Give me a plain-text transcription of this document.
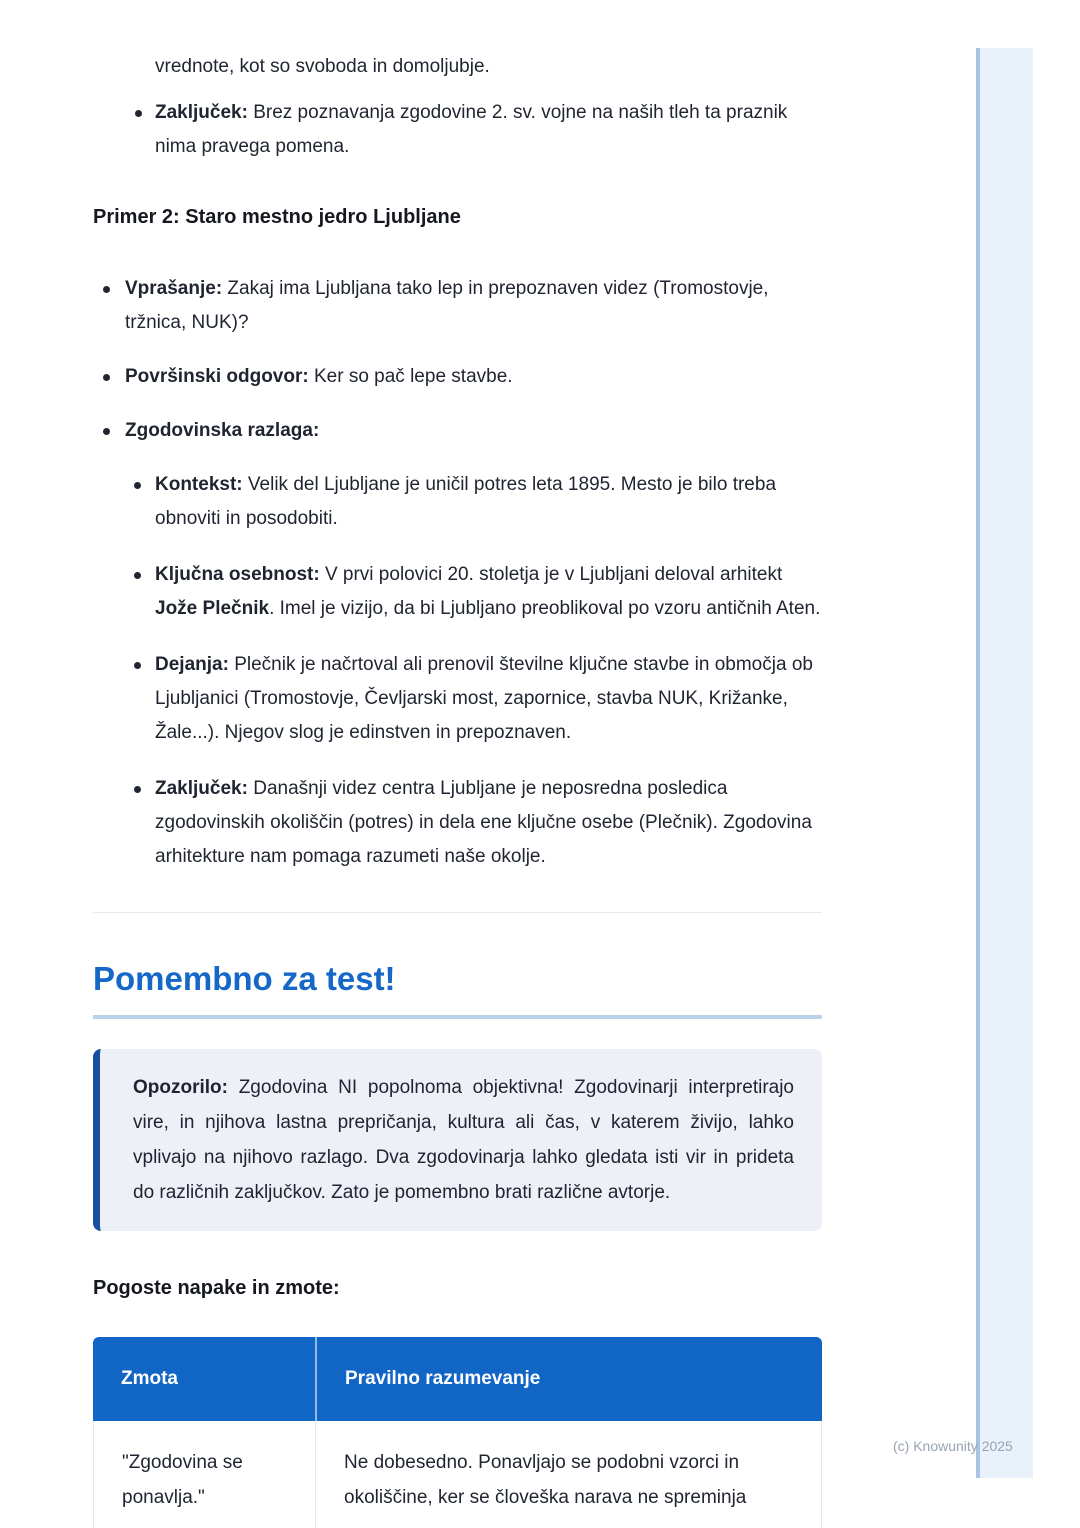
vrednote, kot so svoboda in domoljubje.

Zaključek: Brez poznavanja zgodovine 2. sv. vojne na naših tleh ta praznik nima pravega pomena.
Primer 2: Staro mestno jedro Ljubljane
Vprašanje: Zakaj ima Ljubljana tako lep in prepoznaven videz (Tromostovje, tržnica, NUK)?
Površinski odgovor: Ker so pač lepe stavbe.
Zgodovinska razlaga:
Kontekst: Velik del Ljubljane je uničil potres leta 1895. Mesto je bilo treba obnoviti in posodobiti.
Ključna osebnost: V prvi polovici 20. stoletja je v Ljubljani deloval arhitekt Jože Plečnik. Imel je vizijo, da bi Ljubljano preoblikoval po vzoru antičnih Aten.
Dejanja: Plečnik je načrtoval ali prenovil številne ključne stavbe in območja ob Ljubljanici (Tromostovje, Čevljarski most, zapornice, stavba NUK, Križanke, Žale...). Njegov slog je edinstven in prepoznaven.
Zaključek: Današnji videz centra Ljubljane je neposredna posledica zgodovinskih okoliščin (potres) in dela ene ključne osebe (Plečnik). Zgodovina arhitekture nam pomaga razumeti naše okolje.
Pomembno za test!

Opozorilo: Zgodovina NI popolnoma objektivna! Zgodovinarji interpretirajo vire, in njihova lastna prepričanja, kultura ali čas, v katerem živijo, lahko vplivajo na njihovo razlago. Dva zgodovinarja lahko gledata isti vir in prideta do različnih zaključkov. Zato je pomembno brati različne avtorje.

Pogoste napake in zmote:
Zmota	Pravilno razumevanje
"Zgodovina se ponavlja."	Ne dobesedno. Ponavljajo se podobni vzorci in okoliščine, ker se človeška narava ne spreminja
(c) Knowunity 2025
